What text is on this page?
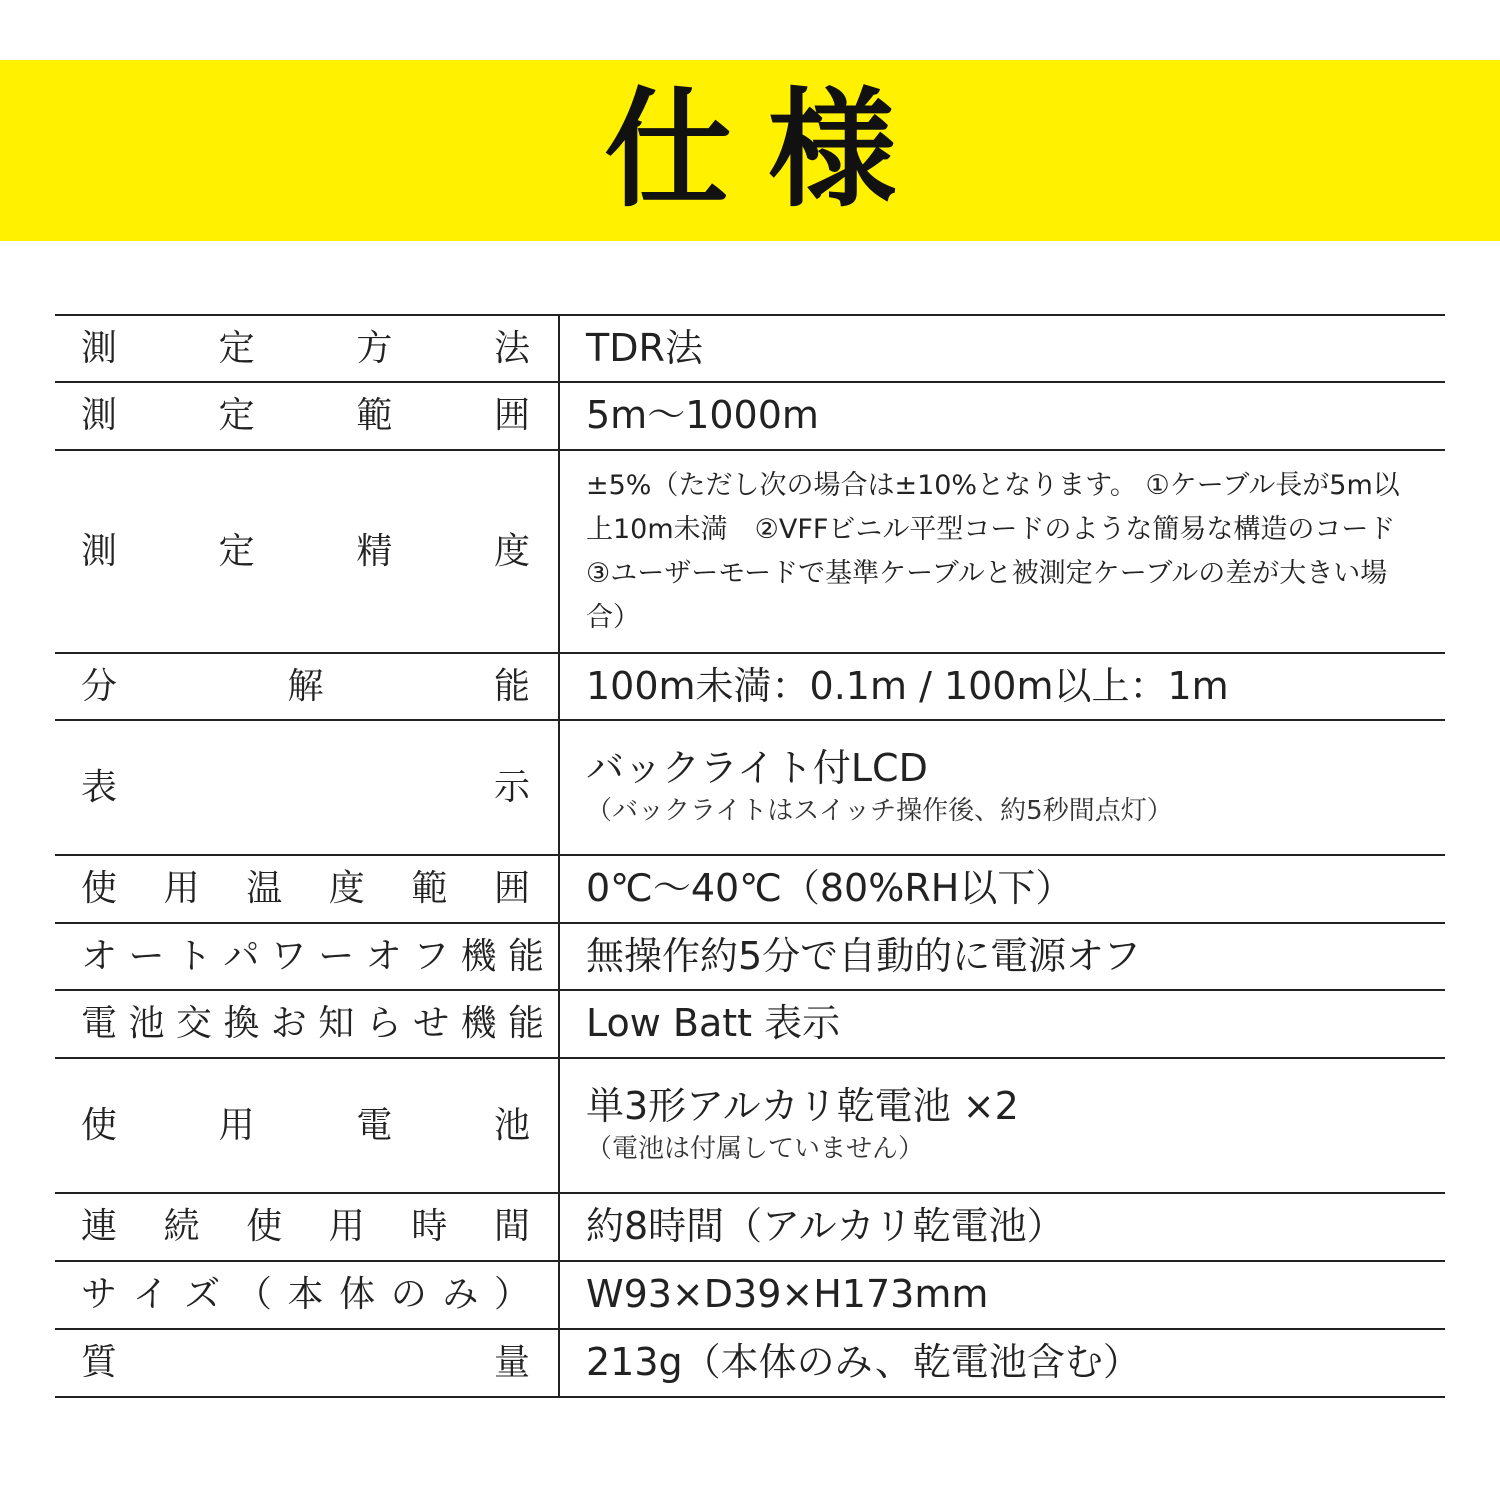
仕様
測 定 方 法 TDR法
測 定 範 囲 5m〜1000m
測 定 精 度
±5%（ただし次の場合は±10%となります。 ①ケーブル長が5m以上10m未満　②VFFビニル平型コードのような簡易な構造のコード　③ユーザーモードで基準ケーブルと被測定ケーブルの差が大きい場合）
分 解 能 100m未満：0.1m / 100m以上：1m
表 示 バックライト付LCD
（バックライトはスイッチ操作後、約5秒間点灯）
使 用 温 度 範 囲 0℃〜40℃（80%RH以下）
オ ー ト パ ワ ー オ フ 機 能 無操作約5分で自動的に電源オフ
電 池 交 換 お 知 ら せ 機 能 Low Batt 表示
使 用 電 池 単3形アルカリ乾電池 ×2
（電池は付属していません）
連 続 使 用 時 間 約8時間（アルカリ乾電池）
サ イ ズ （ 本 体 の み ） W93×D39×H173mm
質 量 213g（本体のみ、乾電池含む）
